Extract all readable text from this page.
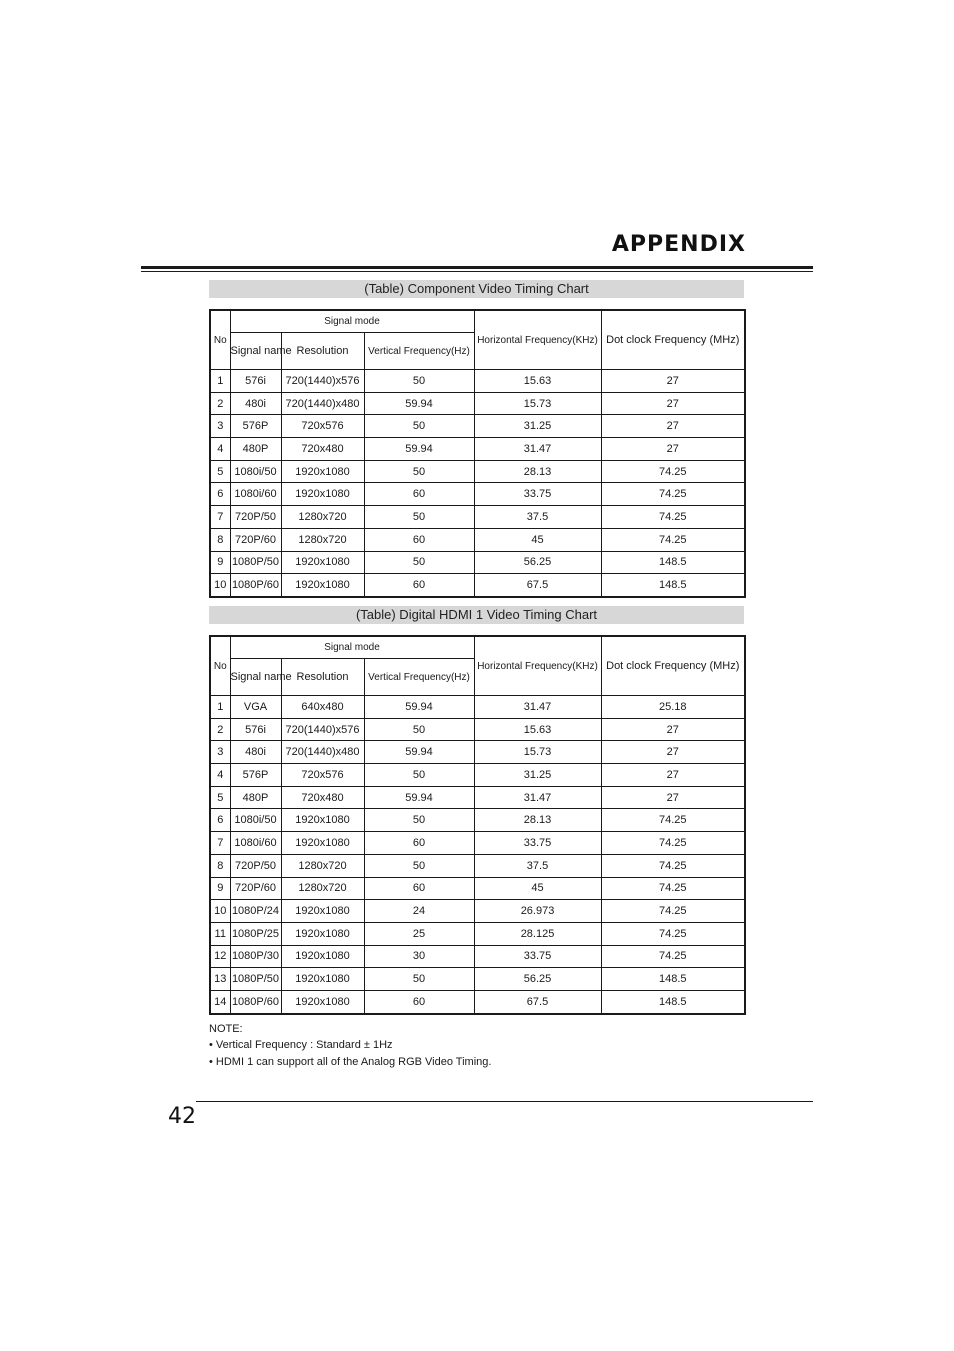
APPENDIX
(Table) Component Video Timing Chart
No	Signal mode			Horizontal Frequency(KHz)	Dot clock Frequency (MHz)
	Signal name	Resolution	Vertical Frequency(Hz)		
1	576i	720(1440)x576	50	15.63	27
2	480i	720(1440)x480	59.94	15.73	27
3	576P	720x576	50	31.25	27
4	480P	720x480	59.94	31.47	27
5	1080i/50	1920x1080	50	28.13	74.25
6	1080i/60	1920x1080	60	33.75	74.25
7	720P/50	1280x720	50	37.5	74.25
8	720P/60	1280x720	60	45	74.25
9	1080P/50	1920x1080	50	56.25	148.5
10	1080P/60	1920x1080	60	67.5	148.5
(Table) Digital HDMI 1 Video Timing Chart
No	Signal mode			Horizontal Frequency(KHz)	Dot clock Frequency (MHz)
	Signal name	Resolution	Vertical Frequency(Hz)		
1	VGA	640x480	59.94	31.47	25.18
2	576i	720(1440)x576	50	15.63	27
3	480i	720(1440)x480	59.94	15.73	27
4	576P	720x576	50	31.25	27
5	480P	720x480	59.94	31.47	27
6	1080i/50	1920x1080	50	28.13	74.25
7	1080i/60	1920x1080	60	33.75	74.25
8	720P/50	1280x720	50	37.5	74.25
9	720P/60	1280x720	60	45	74.25
10	1080P/24	1920x1080	24	26.973	74.25
11	1080P/25	1920x1080	25	28.125	74.25
12	1080P/30	1920x1080	30	33.75	74.25
13	1080P/50	1920x1080	50	56.25	148.5
14	1080P/60	1920x1080	60	67.5	148.5
NOTE:
• Vertical Frequency : Standard ± 1Hz
• HDMI 1 can support all of the Analog RGB Video Timing.
42
